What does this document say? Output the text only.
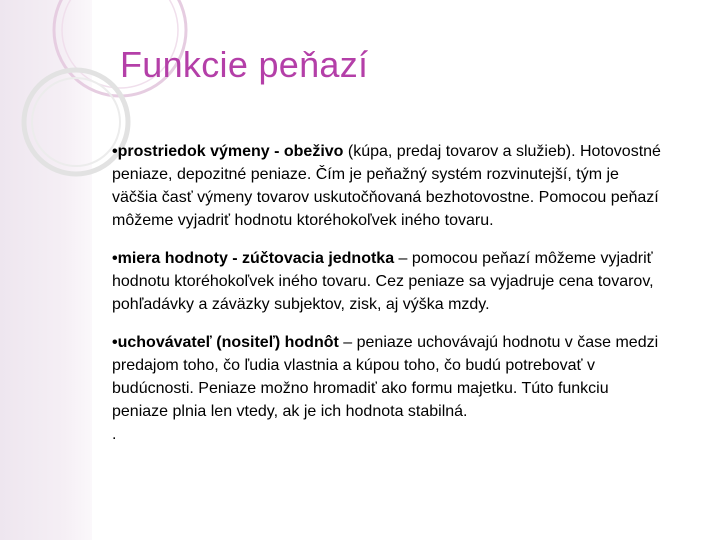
Funkcie peňazí

•prostriedok výmeny - obeživo (kúpa, predaj tovarov a služieb). Hotovostné peniaze, depozitné peniaze. Čím je peňažný systém rozvinutejší, tým je väčšia časť výmeny tovarov uskutočňovaná bezhotovostne. Pomocou peňazí môžeme vyjadriť hodnotu ktoréhokoľvek iného tovaru.

•miera hodnoty - zúčtovacia jednotka – pomocou peňazí môžeme vyjadriť hodnotu ktoréhokoľvek iného tovaru. Cez peniaze sa vyjadruje cena tovarov, pohľadávky a záväzky subjektov, zisk, aj výška mzdy.

•uchovávateľ (nositeľ) hodnôt – peniaze uchovávajú hodnotu v čase medzi predajom toho, čo ľudia vlastnia a kúpou toho, čo budú potrebovať v budúcnosti. Peniaze možno hromadiť ako formu majetku. Túto funkciu peniaze plnia len vtedy, ak je ich hodnota stabilná.

.
